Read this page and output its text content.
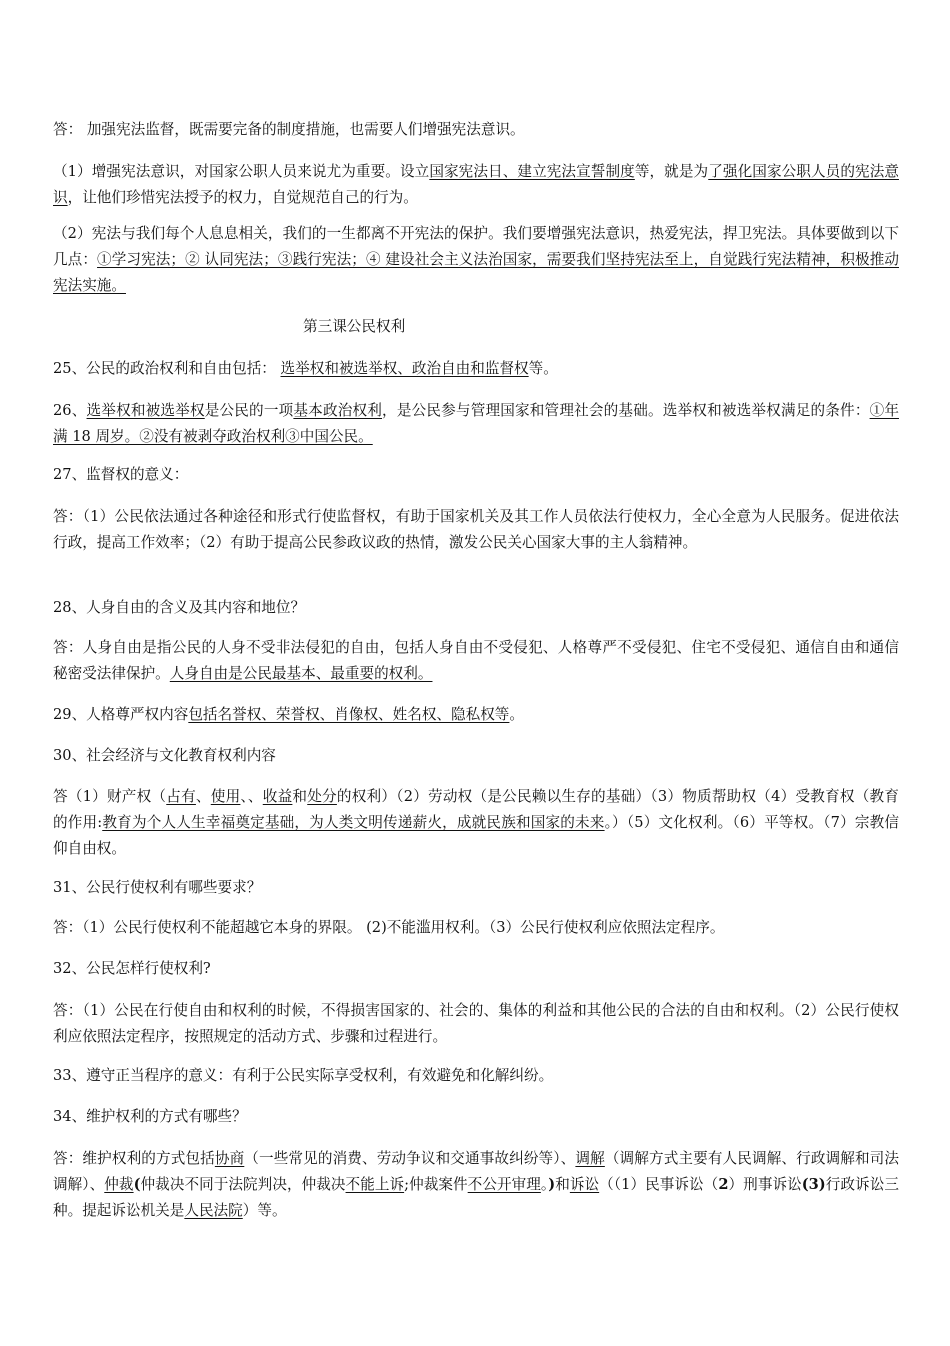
答： 加强宪法监督，既需要完备的制度措施，也需要人们增强宪法意识。
（1）增强宪法意识，对国家公职人员来说尤为重要。设立国家宪法日、建立宪法宣誓制度等，就是为了强化国家公职人员的宪法意识，让他们珍惜宪法授予的权力，自觉规范自己的行为。
（2）宪法与我们每个人息息相关，我们的一生都离不开宪法的保护。我们要增强宪法意识，热爱宪法，捍卫宪法。具体要做到以下几点：①学习宪法；② 认同宪法；③践行宪法；④ 建设社会主义法治国家，需要我们坚持宪法至上，自觉践行宪法精神，积极推动宪法实施。
第三课公民权利
25、公民的政治权利和自由包括： 选举权和被选举权、政治自由和监督权等。
26、选举权和被选举权是公民的一项基本政治权利，是公民参与管理国家和管理社会的基础。选举权和被选举权满足的条件：①年满 18 周岁。②没有被剥夺政治权利③中国公民。
27、监督权的意义：
答：（1）公民依法通过各种途径和形式行使监督权，有助于国家机关及其工作人员依法行使权力，全心全意为人民服务。促进依法行政，提高工作效率；（2）有助于提高公民参政议政的热情，激发公民关心国家大事的主人翁精神。
28、人身自由的含义及其内容和地位？
答：人身自由是指公民的人身不受非法侵犯的自由，包括人身自由不受侵犯、人格尊严不受侵犯、住宅不受侵犯、通信自由和通信秘密受法律保护。人身自由是公民最基本、最重要的权利。
29、人格尊严权内容包括名誉权、荣誉权、肖像权、姓名权、隐私权等。
30、社会经济与文化教育权利内容
答（1）财产权（占有、使用、、收益和处分的权利）（2）劳动权（是公民赖以生存的基础）（3）物质帮助权（4）受教育权（教育的作用:教育为个人人生幸福奠定基础，为人类文明传递薪火，成就民族和国家的未来。）（5）文化权利。（6）平等权。（7）宗教信仰自由权。
31、公民行使权利有哪些要求？
答：（1）公民行使权利不能超越它本身的界限。 (2)不能滥用权利。（3）公民行使权利应依照法定程序。
32、公民怎样行使权利?
答：（1）公民在行使自由和权利的时候，不得损害国家的、社会的、集体的利益和其他公民的合法的自由和权利。（2）公民行使权利应依照法定程序，按照规定的活动方式、步骤和过程进行。
33、遵守正当程序的意义：有利于公民实际享受权利，有效避免和化解纠纷。
34、维护权利的方式有哪些？
答：维护权利的方式包括协商（一些常见的消费、劳动争议和交通事故纠纷等）、调解（调解方式主要有人民调解、行政调解和司法调解）、仲裁(仲裁决不同于法院判决，仲裁决不能上诉;仲裁案件不公开审理。)和诉讼（（1）民事诉讼（2）刑事诉讼(3)行政诉讼三种。提起诉讼机关是人民法院）等。
